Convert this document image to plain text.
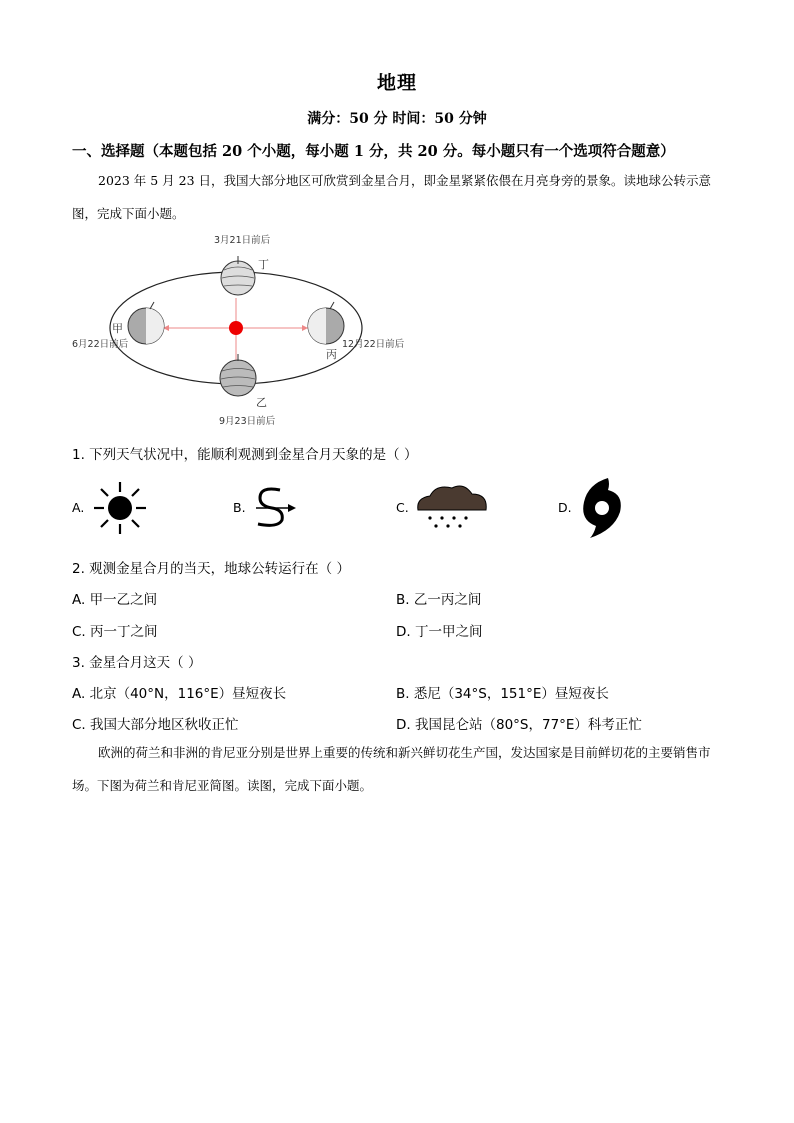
地理
满分：50 分 时间：50 分钟
一、选择题（本题包括 20 个小题，每小题 1 分，共 20 分。每小题只有一个选项符合题意）
2023 年 5 月 23 日，我国大部分地区可欣赏到金星合月，即金星紧紧依偎在月亮身旁的景象。读地球公转示意图，完成下面小题。
3月21日前后
9月23日前后
6月22日前后	12月22日前后
丁
乙
甲
丙
1. 下列天气状况中，能顺利观测到金星合月天象的是（ ）
A.	B.	C.	D.
2. 观测金星合月的当天，地球公转运行在（ ）
A. 甲一乙之间	B. 乙一丙之间
C. 丙一丁之间	D. 丁一甲之间
3. 金星合月这天（ ）
A. 北京（40°N，116°E）昼短夜长	B. 悉尼（34°S，151°E）昼短夜长
C. 我国大部分地区秋收正忙	D. 我国昆仑站（80°S，77°E）科考正忙
欧洲的荷兰和非洲的肯尼亚分别是世界上重要的传统和新兴鲜切花生产国，发达国家是目前鲜切花的主要销售市场。下图为荷兰和肯尼亚简图。读图，完成下面小题。
